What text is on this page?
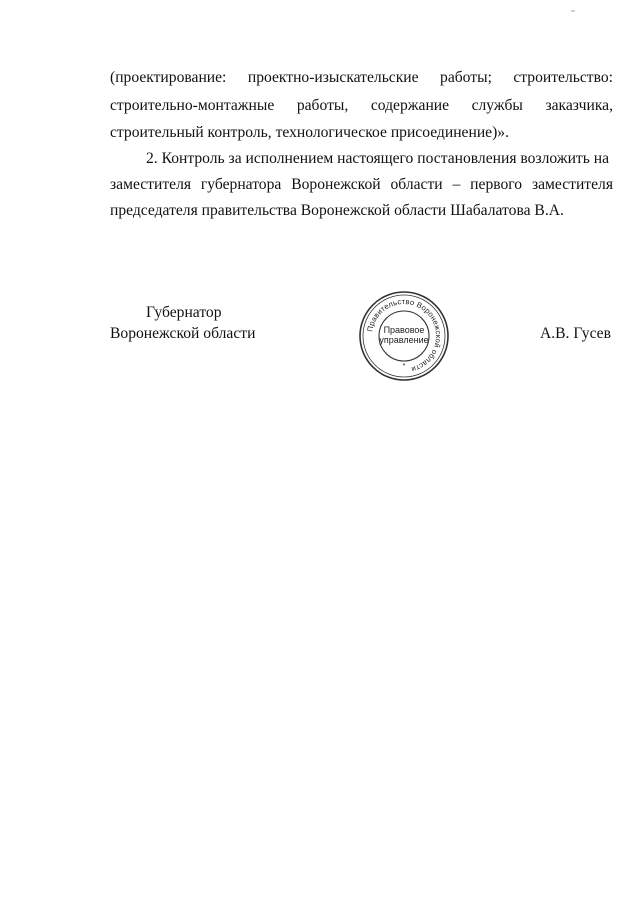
(проектирование: проектно-изыскательские работы; строительство:
строительно-монтажные работы, содержание службы заказчика,
строительный контроль, технологическое присоединение)».
2. Контроль за исполнением настоящего постановления возложить на
заместителя губернатора Воронежской области – первого заместителя
председателя правительства Воронежской области Шабалатова В.А.
Губернатор
Воронежской области	А.В. Гусев
Правительство Воронежской области
*
Правовое
управление
